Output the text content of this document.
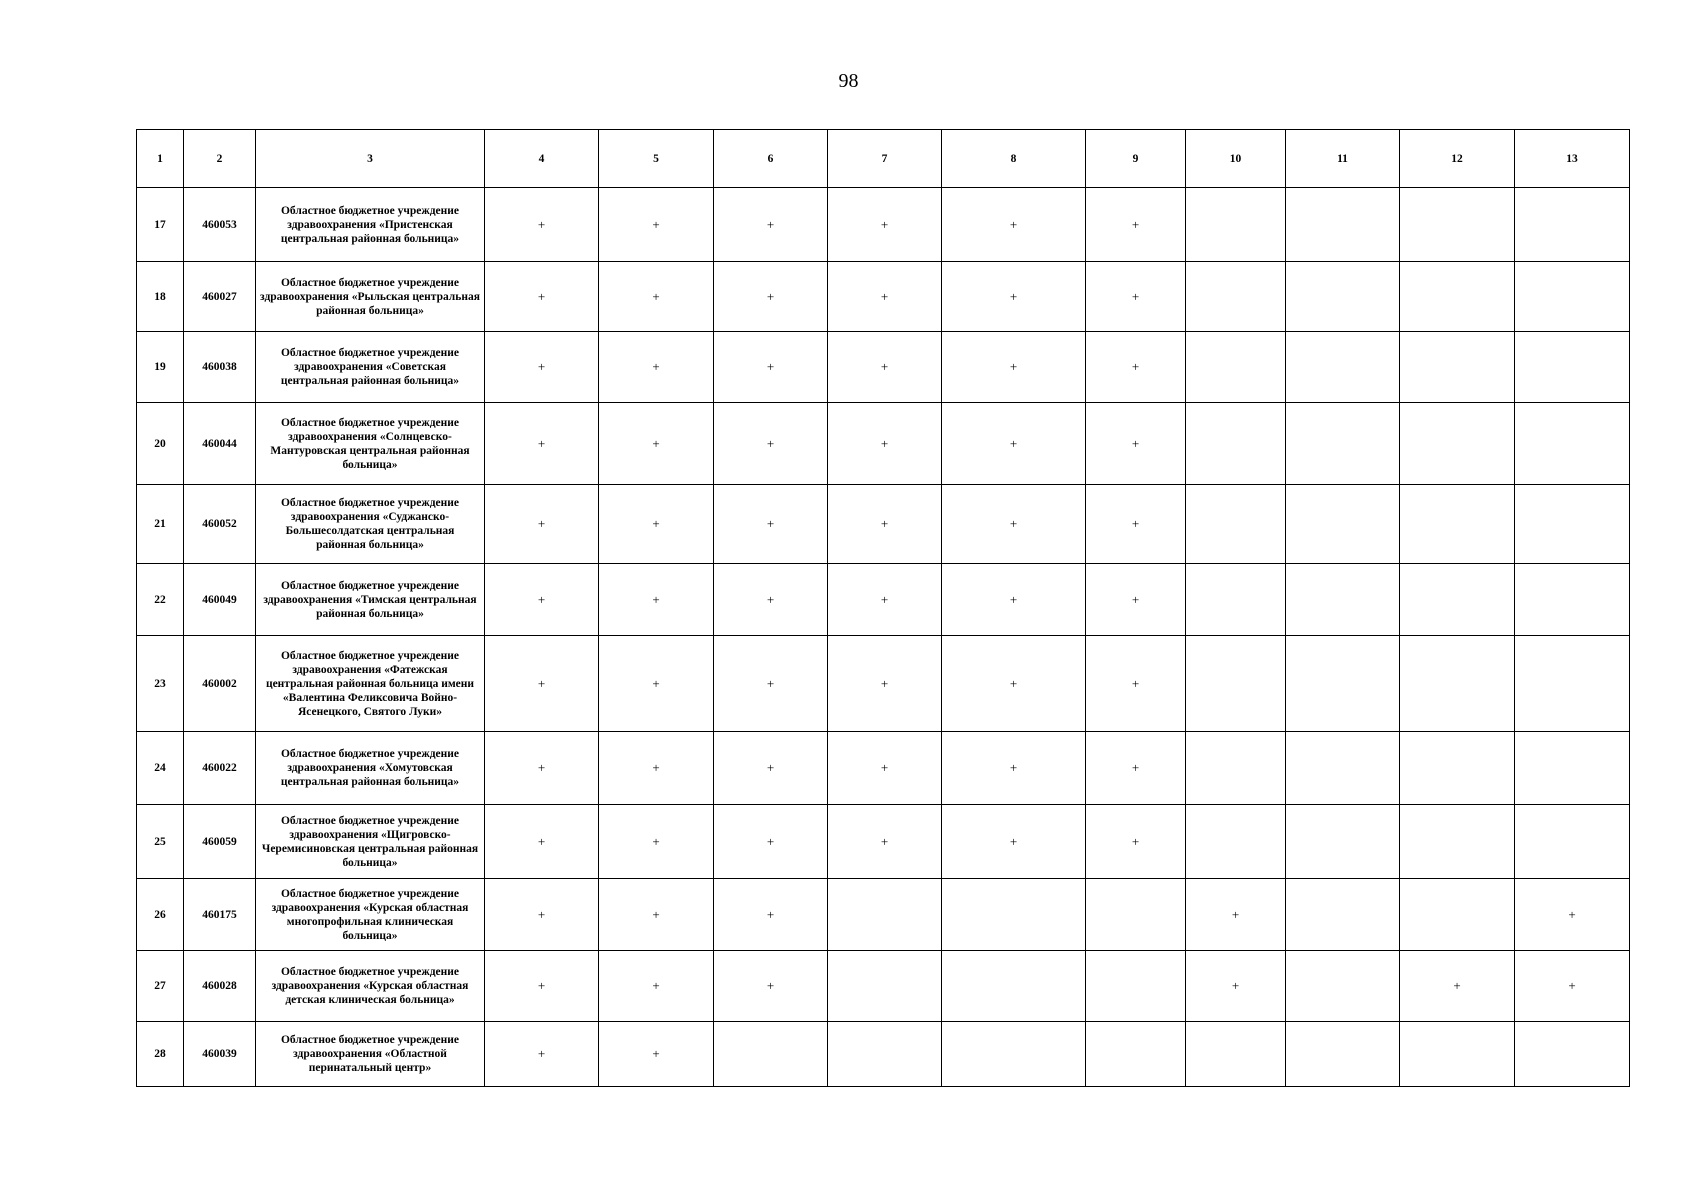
98
1	2	3	4	5	6	7	8	9	10	11	12	13
17	460053	Областное бюджетное учреждение здравоохранения «Пристенская центральная районная больница»	+	+	+	+	+	+				
18	460027	Областное бюджетное учреждение здравоохранения «Рыльская центральная районная больница»	+	+	+	+	+	+				
19	460038	Областное бюджетное учреждение здравоохранения «Советская центральная районная больница»	+	+	+	+	+	+				
20	460044	Областное бюджетное учреждение здравоохранения «Солнцевско-Мантуровская центральная районная больница»	+	+	+	+	+	+				
21	460052	Областное бюджетное учреждение здравоохранения «Суджанско-Большесолдатская центральная районная больница»	+	+	+	+	+	+				
22	460049	Областное бюджетное учреждение здравоохранения «Тимская центральная районная больница»	+	+	+	+	+	+				
23	460002	Областное бюджетное учреждение здравоохранения «Фатежская центральная районная больница имени «Валентина Феликсовича Войно-Ясенецкого, Святого Луки»	+	+	+	+	+	+				
24	460022	Областное бюджетное учреждение здравоохранения «Хомутовская центральная районная больница»	+	+	+	+	+	+				
25	460059	Областное бюджетное учреждение здравоохранения «Щигровско-Черемисиновская центральная районная больница»	+	+	+	+	+	+				
26	460175	Областное бюджетное учреждение здравоохранения «Курская областная многопрофильная клиническая больница»	+	+	+				+			+
27	460028	Областное бюджетное учреждение здравоохранения «Курская областная детская клиническая больница»	+	+	+				+		+	+
28	460039	Областное бюджетное учреждение здравоохранения «Областной перинатальный центр»	+	+								
